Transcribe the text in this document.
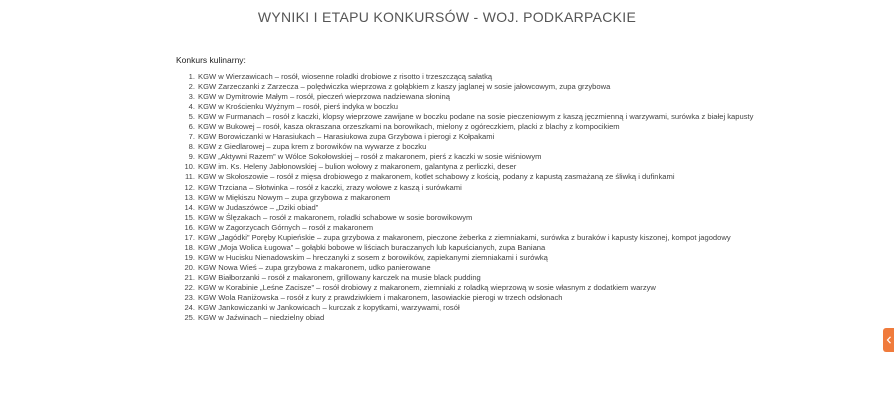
WYNIKI I ETAPU KONKURSÓW - WOJ. PODKARPACKIE
Konkurs kulinarny:
1. KGW w Wierzawicach – rosół, wiosenne roladki drobiowe z risotto i trzeszczącą sałatką
2. KGW Zarzeczanki z Zarzecza – polędwiczka wieprzowa z gołąbkiem z kaszy jaglanej w sosie jałowcowym, zupa grzybowa
3. KGW w Dymitrowie Małym – rosół, pieczeń wieprzowa nadziewana słoniną
4. KGW w Krościenku Wyżnym – rosół, pierś indyka w boczku
5. KGW w Furmanach – rosół z kaczki, klopsy wieprzowe zawijane w boczku podane na sosie pieczeniowym z kaszą jęczmienną i warzywami, surówka z białej kapusty
6. KGW w Bukowej – rosół, kasza okraszana orzeszkami na borowikach, mielony z ogóreczkiem, placki z blachy z kompocikiem
7. KGW Borowiczanki w Harasiukach – Harasiukowa zupa Grzybowa i pierogi z Kołpakami
8. KGW z Giedlarowej – zupa krem z borowików na wywarze z boczku
9. KGW „Aktywni Razem” w Wólce Sokołowskiej – rosół z makaronem, pierś z kaczki w sosie wiśniowym
10. KGW im. Ks. Heleny Jabłonowskiej – bulion wołowy z makaronem, galantyna z perliczki, deser
11. KGW w Skołoszowie – rosół z mięsa drobiowego z makaronem, kotlet schabowy z kością, podany z kapustą zasmażaną ze śliwką i dufinkami
12. KGW Trzciana – Słotwinka – rosół z kaczki, zrazy wołowe z kaszą i surówkami
13. KGW w Miękiszu Nowym – zupa grzybowa z makaronem
14. KGW w Judaszówce – „Dziki obiad”
15. KGW w Ślęzakach – rosół z makaronem, roladki schabowe w sosie borowikowym
16. KGW w Zagorzycach Górnych – rosół z makaronem
17. KGW „Jagódki” Poręby Kupieńskie – zupa grzybowa z makaronem, pieczone żeberka z ziemniakami, surówka z buraków i kapusty kiszonej, kompot jagodowy
18. KGW „Moja Wolica Ługowa” – gołąbki bobowe w liściach buraczanych lub kapuścianych, zupa Baniana
19. KGW w Hucisku Nienadowskim – hreczanyki z sosem z borowików, zapiekanymi ziemniakami i surówką
20. KGW Nowa Wieś – zupa grzybowa z makaronem, udko panierowane
21. KGW Białborzanki – rosół z makaronem, grillowany karczek na musie black pudding
22. KGW w Korabinie „Leśne Zacisze” – rosół drobiowy z makaronem, ziemniaki z roladką wieprzową w sosie własnym z dodatkiem warzyw
23. KGW Wola Raniżowska – rosół z kury z prawdziwkiem i makaronem, lasowiackie pierogi w trzech odsłonach
24. KGW Jankowiczanki w Jankowicach – kurczak z kopytkami, warzywami, rosół
25. KGW w Jaźwinach – niedzielny obiad
